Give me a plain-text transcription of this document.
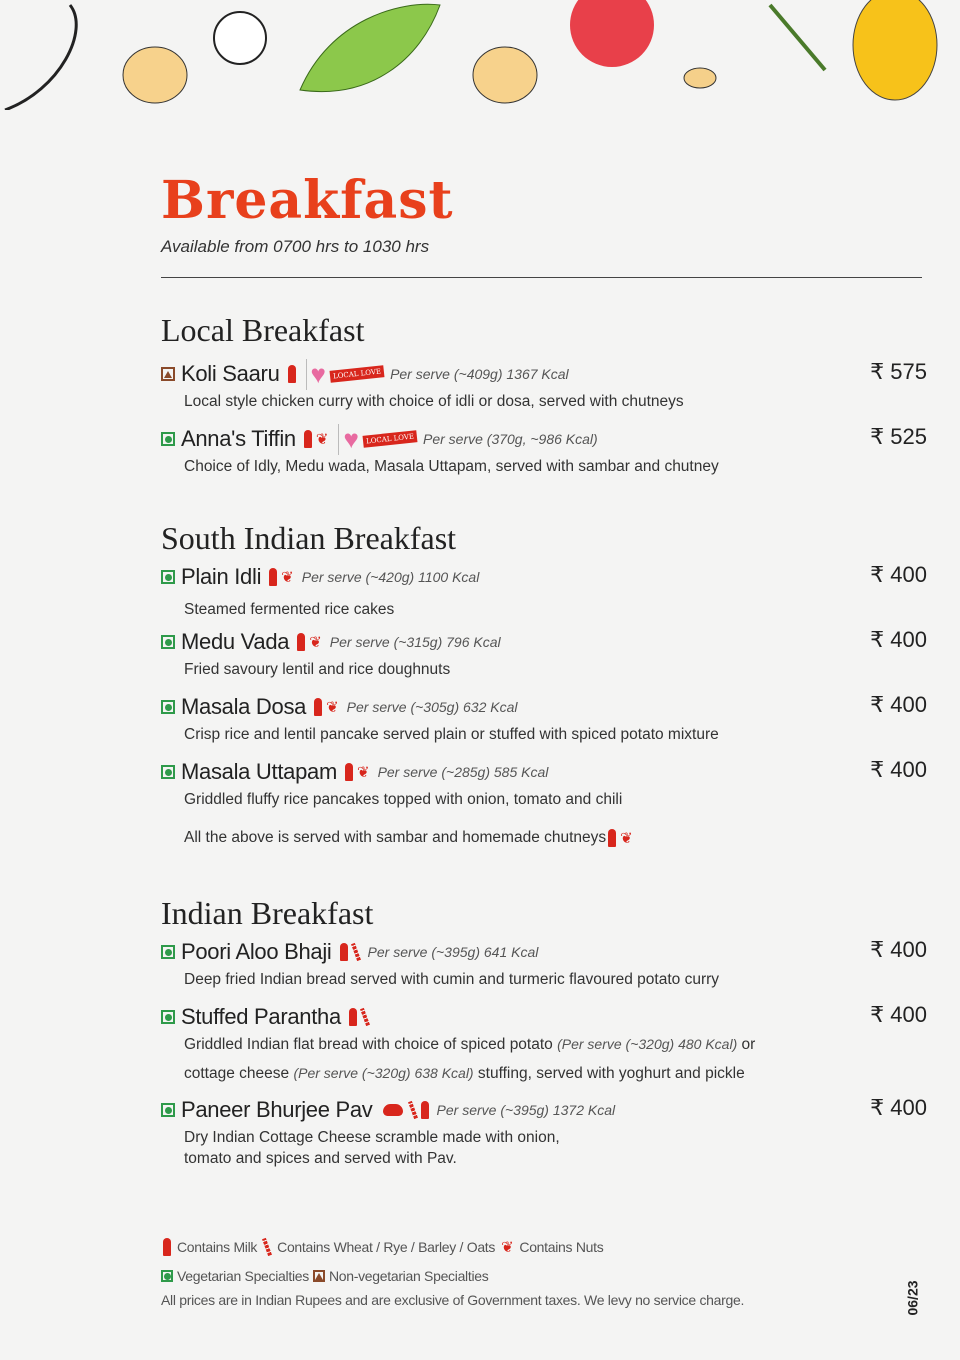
Breakfast
Available from 0700 hrs to 1030 hrs
Local Breakfast
Koli Saaru ♥ LOCAL LOVE Per serve (~409g) 1367 Kcal
Local style chicken curry with choice of idli or dosa, served with chutneys
₹ 575
Anna's Tiffin ❦ ♥ LOCAL LOVE Per serve (370g, ~986 Kcal)
Choice of Idly, Medu wada, Masala Uttapam, served with sambar and chutney
₹ 525
South Indian Breakfast
Plain Idli ❦ Per serve (~420g) 1100 Kcal
Steamed fermented rice cakes
₹ 400
Medu Vada ❦ Per serve (~315g) 796 Kcal
Fried savoury lentil and rice doughnuts
₹ 400
Masala Dosa ❦ Per serve (~305g) 632 Kcal
Crisp rice and lentil pancake served plain or stuffed with spiced potato mixture
₹ 400
Masala Uttapam ❦ Per serve (~285g) 585 Kcal
Griddled fluffy rice pancakes topped with onion, tomato and chili
₹ 400
All the above is served with sambar and homemade chutneys ❦
Indian Breakfast
Poori Aloo Bhaji	Per serve (~395g) 641 Kcal
Deep fried Indian bread served with cumin and turmeric flavoured potato curry
₹ 400
Stuffed Parantha
Griddled Indian flat bread with choice of spiced potato (Per serve (~320g) 480 Kcal) or
cottage cheese (Per serve (~320g) 638 Kcal) stuffing, served with yoghurt and pickle
₹ 400
Paneer Bhurjee Pav	Per serve (~395g) 1372 Kcal
Dry Indian Cottage Cheese scramble made with onion,
tomato and spices and served with Pav.
₹ 400
Contains Milk Contains Wheat / Rye / Barley / Oats ❦ Contains Nuts
Vegetarian Specialties Non-vegetarian Specialties
All prices are in Indian Rupees and are exclusive of Government taxes. We levy no service charge.	06/23
